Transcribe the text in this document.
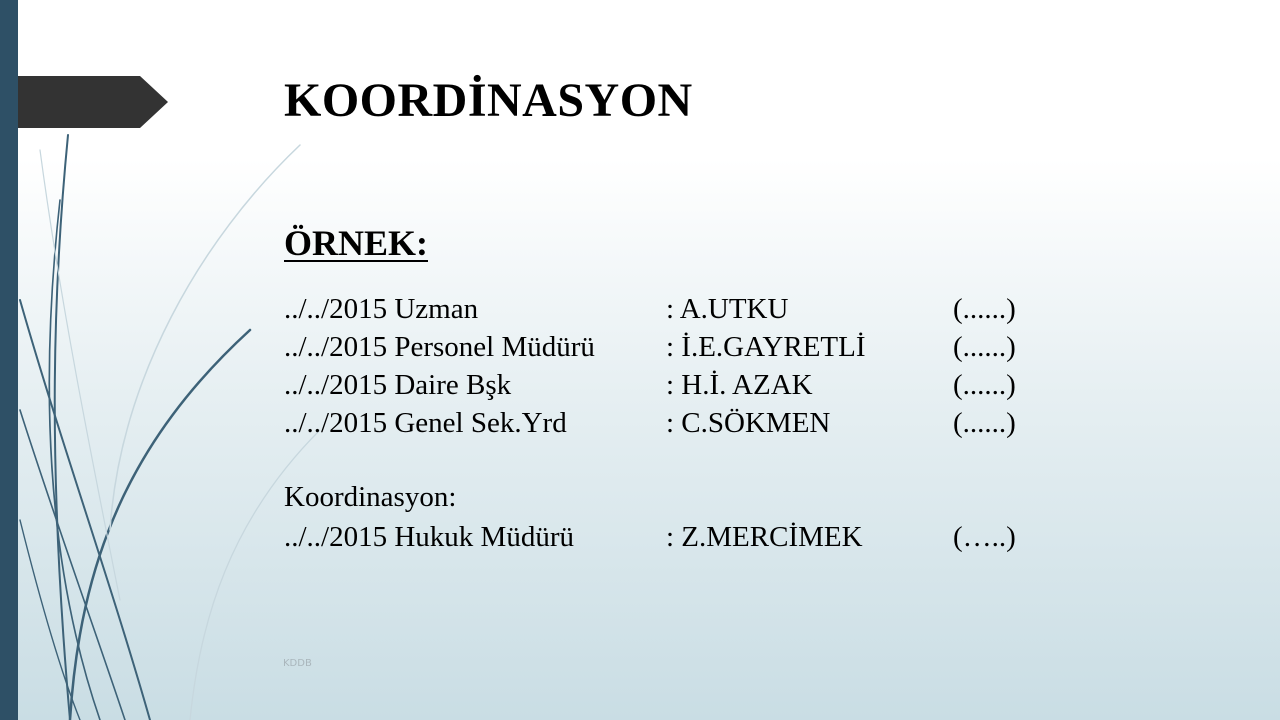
KOORDİNASYON
ÖRNEK:
../../2015 Uzman	: A.UTKU	(......)
../../2015 Personel Müdürü	: İ.E.GAYRETLİ	(......)
../../2015 Daire Bşk	: H.İ. AZAK	(......)
../../2015 Genel Sek.Yrd	: C.SÖKMEN	(......)
Koordinasyon:
../../2015 Hukuk Müdürü	: Z.MERCİMEK	(…..)
KDDB
